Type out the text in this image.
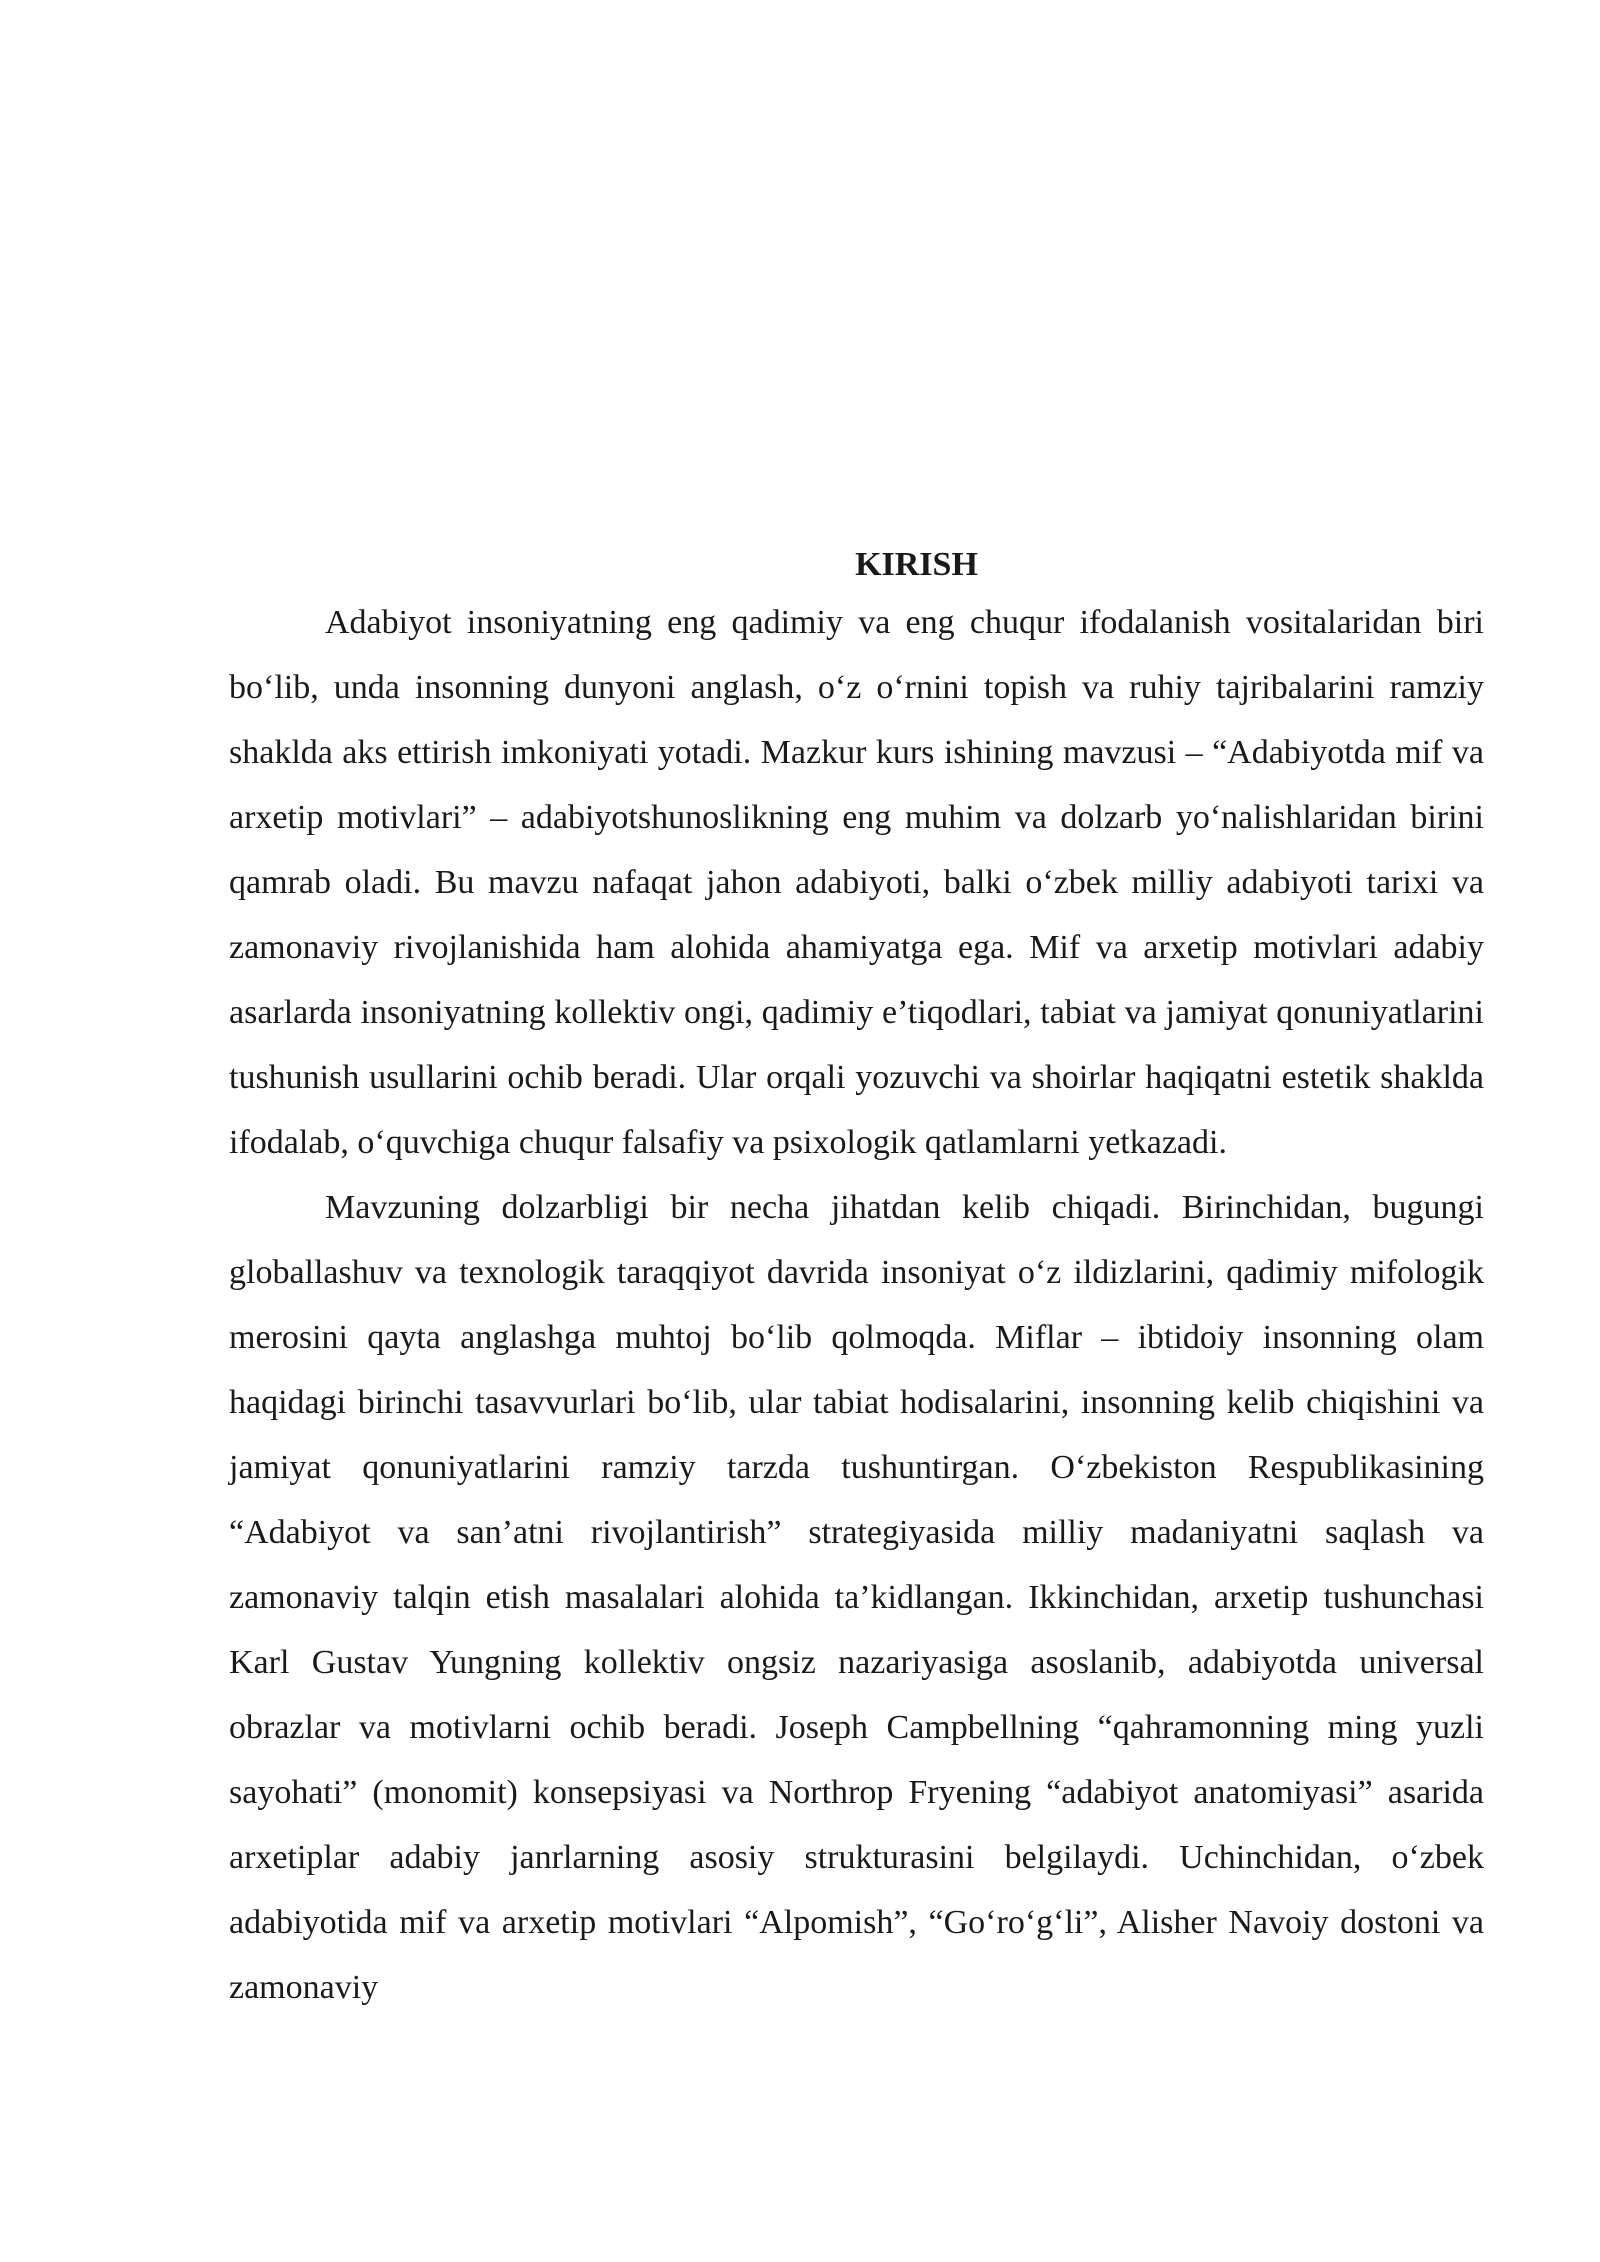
KIRISH

Adabiyot insoniyatning eng qadimiy va eng chuqur ifodalanish vositalaridan biri bo‘lib, unda insonning dunyoni anglash, o‘z o‘rnini topish va ruhiy tajribalarini ramziy shaklda aks ettirish imkoniyati yotadi. Mazkur kurs ishining mavzusi – “Adabiyotda mif va arxetip motivlari” – adabiyotshunoslikning eng muhim va dolzarb yo‘nalishlaridan birini qamrab oladi. Bu mavzu nafaqat jahon adabiyoti, balki o‘zbek milliy adabiyoti tarixi va zamonaviy rivojlanishida ham alohida ahamiyatga ega. Mif va arxetip motivlari adabiy asarlarda insoniyatning kollektiv ongi, qadimiy e’tiqodlari, tabiat va jamiyat qonuniyatlarini tushunish usullarini ochib beradi. Ular orqali yozuvchi va shoirlar haqiqatni estetik shaklda ifodalab, o‘quvchiga chuqur falsafiy va psixologik qatlamlarni yetkazadi.

Mavzuning dolzarbligi bir necha jihatdan kelib chiqadi. Birinchidan, bugungi globallashuv va texnologik taraqqiyot davrida insoniyat o‘z ildizlarini, qadimiy mifologik merosini qayta anglashga muhtoj bo‘lib qolmoqda. Miflar – ibtidoiy insonning olam haqidagi birinchi tasavvurlari bo‘lib, ular tabiat hodisalarini, insonning kelib chiqishini va jamiyat qonuniyatlarini ramziy tarzda tushuntirgan. O‘zbekiston Respublikasining “Adabiyot va san’atni rivojlantirish” strategiyasida milliy madaniyatni saqlash va zamonaviy talqin etish masalalari alohida ta’kidlangan. Ikkinchidan, arxetip tushunchasi Karl Gustav Yungning kollektiv ongsiz nazariyasiga asoslanib, adabiyotda universal obrazlar va motivlarni ochib beradi. Joseph Campbellning “qahramonning ming yuzli sayohati” (monomit) konsepsiyasi va Northrop Fryening “adabiyot anatomiyasi” asarida arxetiplar adabiy janrlarning asosiy strukturasini belgilaydi. Uchinchidan, o‘zbek adabiyotida mif va arxetip motivlari “Alpomish”, “Go‘ro‘g‘li”, Alisher Navoiy dostoni va zamonaviy
